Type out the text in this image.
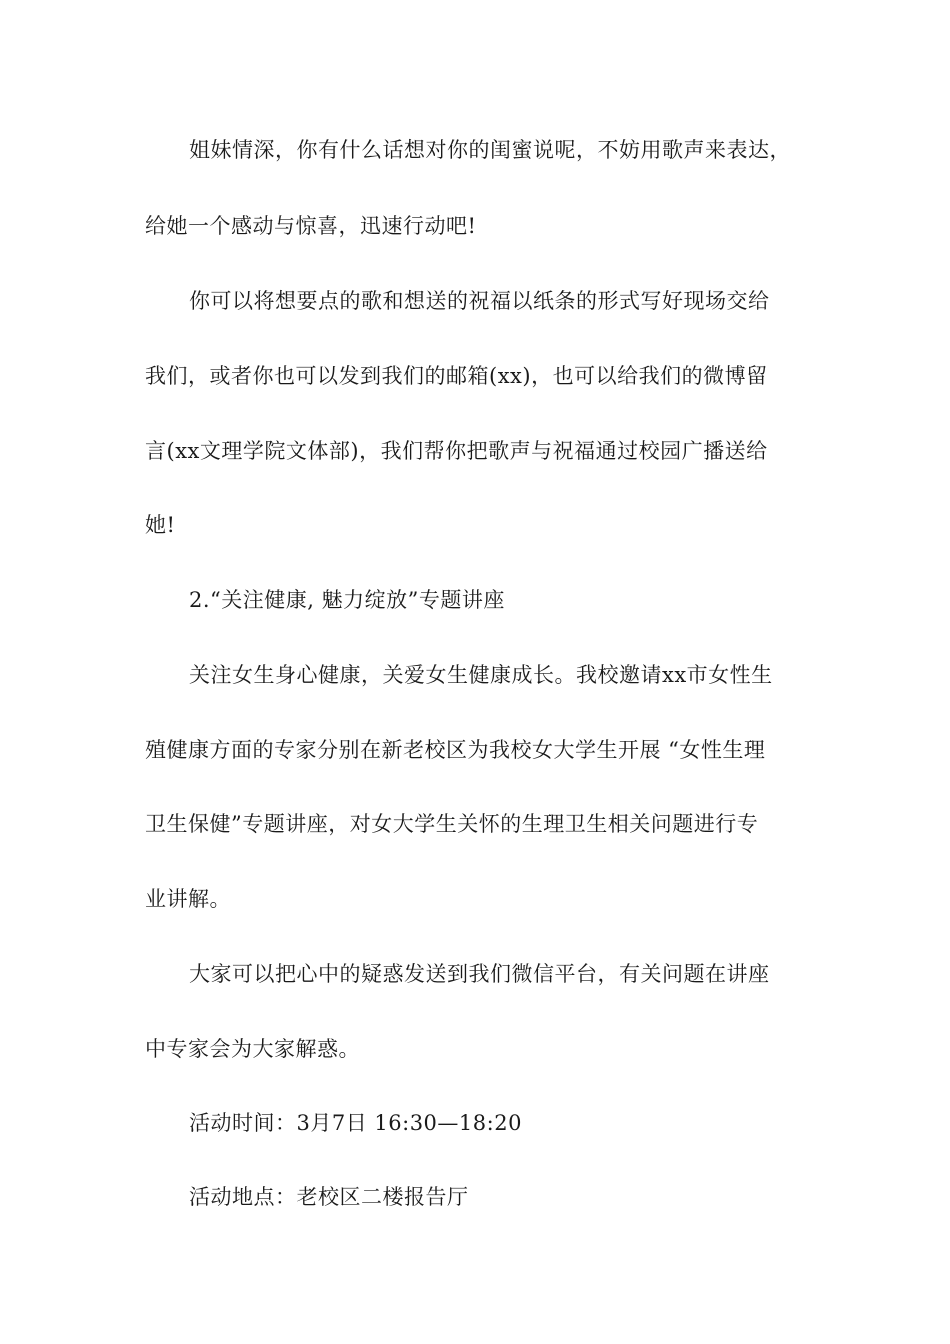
姐妹情深，你有什么话想对你的闺蜜说呢，不妨用歌声来表达，
给她一个感动与惊喜，迅速行动吧!
你可以将想要点的歌和想送的祝福以纸条的形式写好现场交给
我们，或者你也可以发到我们的邮箱(xx)，也可以给我们的微博留
言(xx文理学院文体部)，我们帮你把歌声与祝福通过校园广播送给
她!
2.“关注健康, 魅力绽放”专题讲座
关注女生身心健康，关爱女生健康成长。我校邀请xx市女性生
殖健康方面的专家分别在新老校区为我校女大学生开展 “女性生理
卫生保健”专题讲座，对女大学生关怀的生理卫生相关问题进行专
业讲解。
大家可以把心中的疑惑发送到我们微信平台，有关问题在讲座
中专家会为大家解惑。
活动时间：3月7日 16:30—18:20
活动地点：老校区二楼报告厅
